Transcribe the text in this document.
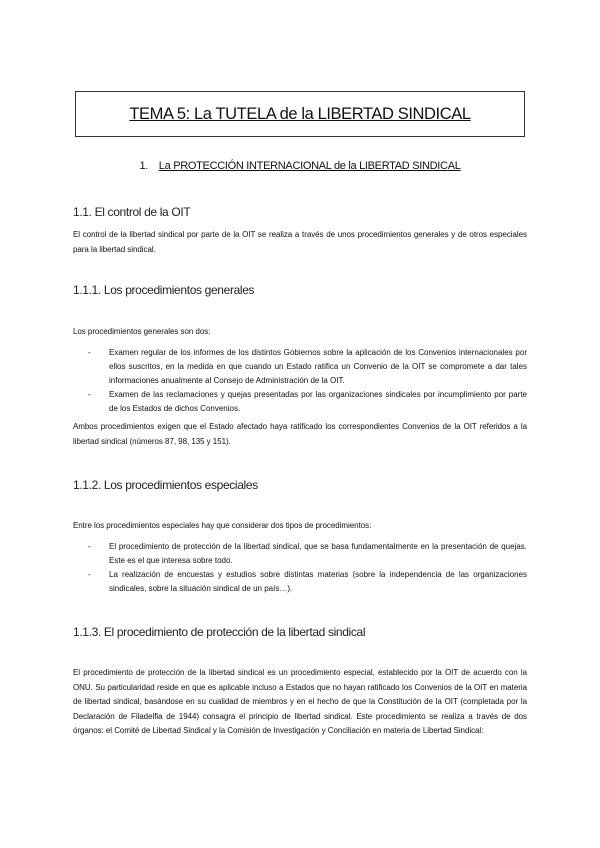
TEMA 5: La TUTELA de la LIBERTAD SINDICAL
1. La PROTECCIÓN INTERNACIONAL de la LIBERTAD SINDICAL
1.1. El control de la OIT
El control de la libertad sindical por parte de la OIT se realiza a través de unos procedimientos generales y de otros especiales para la libertad sindical.
1.1.1. Los procedimientos generales
Los procedimientos generales son dos:
- Examen regular de los informes de los distintos Gobiernos sobre la aplicación de los Convenios internacionales por ellos suscritos, en la medida en que cuando un Estado ratifica un Convenio de la OIT se compromete a dar tales informaciones anualmente al Consejo de Administración de la OIT.
- Examen de las reclamaciones y quejas presentadas por las organizaciones sindicales por incumplimiento por parte de los Estados de dichos Convenios.
Ambos procedimientos exigen que el Estado afectado haya ratificado los correspondientes Convenios de la OIT referidos a la libertad sindical (números 87, 98, 135 y 151).
1.1.2. Los procedimientos especiales
Entre los procedimientos especiales hay que considerar dos tipos de procedimientos:
- El procedimiento de protección de la libertad sindical, que se basa fundamentalmente en la presentación de quejas. Este es el que interesa sobre todo.
- La realización de encuestas y estudios sobre distintas materias (sobre la independencia de las organizaciones sindicales, sobre la situación sindical de un país…).
1.1.3. El procedimiento de protección de la libertad sindical
El procedimiento de protección de la libertad sindical es un procedimiento especial, establecido por la OIT de acuerdo con la ONU. Su particularidad reside en que es aplicable incluso a Estados que no hayan ratificado los Convenios de la OIT en materia de libertad sindical, basándose en su cualidad de miembros y en el hecho de que la Constitución de la OIT (completada por la Declaración de Filadelfia de 1944) consagra el principio de libertad sindical. Este procedimiento se realiza a través de dos órganos: el Comité de Libertad Sindical y la Comisión de Investigación y Conciliación en materia de Libertad Sindical:
